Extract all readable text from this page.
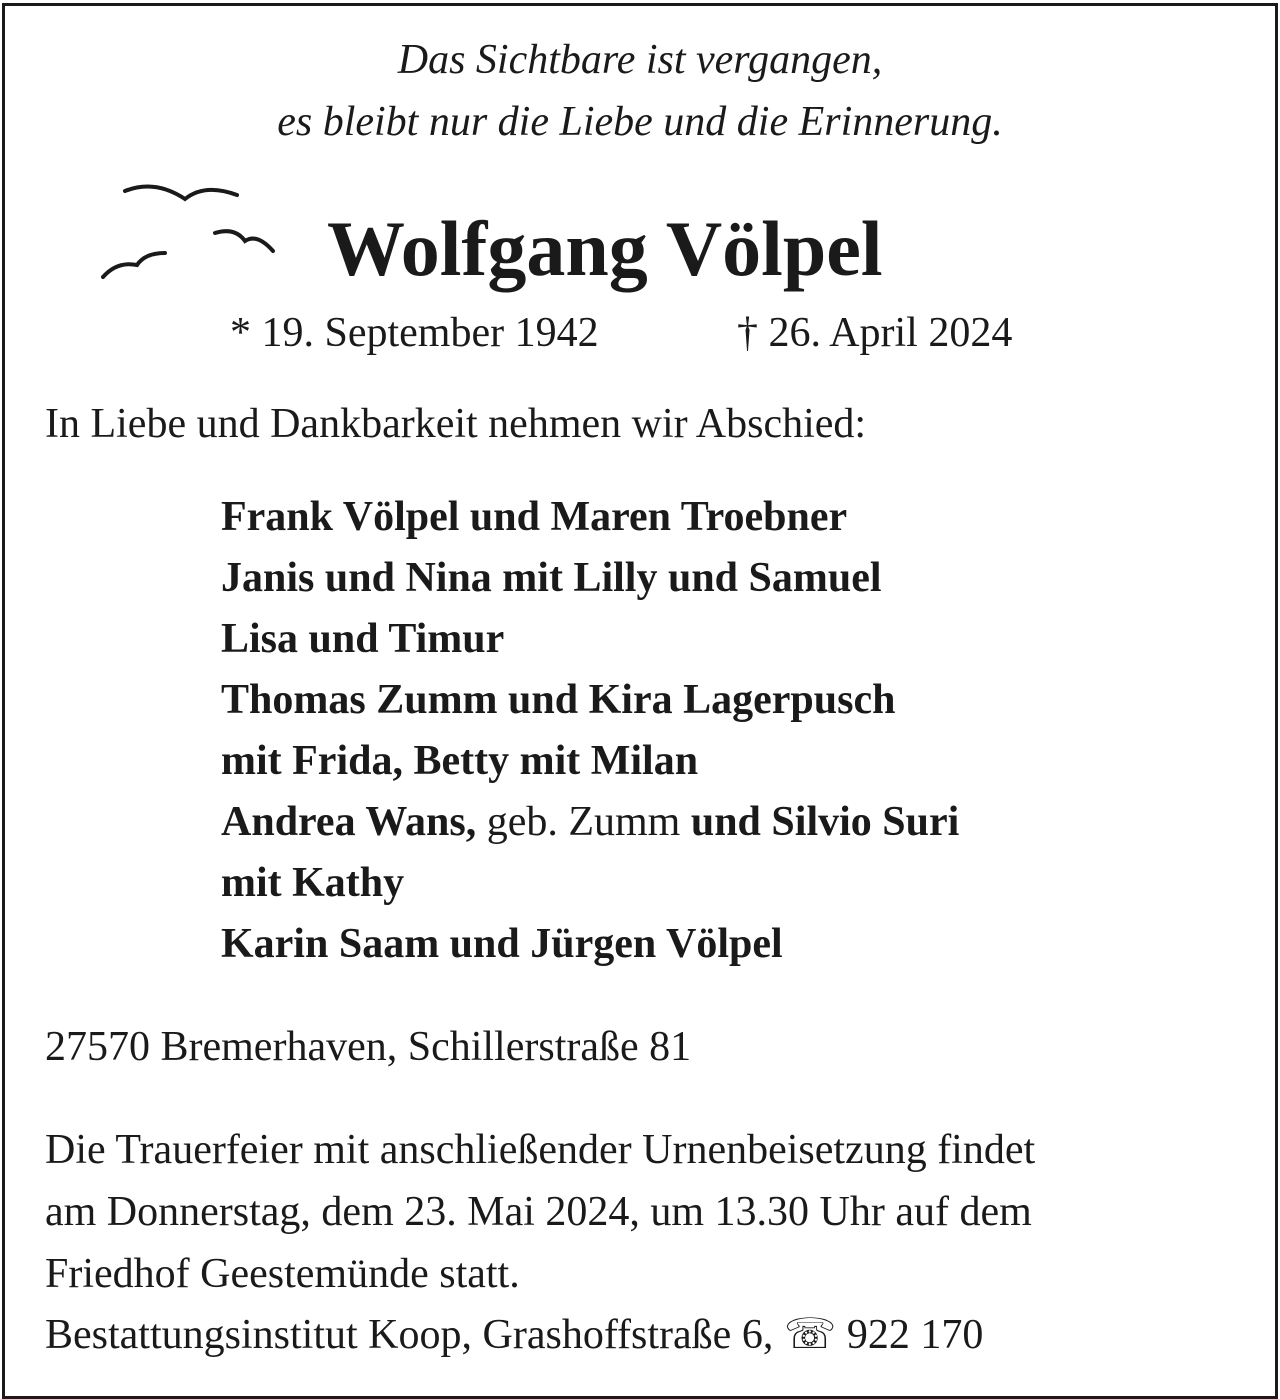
Das Sichtbare ist vergangen,
es bleibt nur die Liebe und die Erinnerung.
Wolfgang Völpel
* 19. September 1942	† 26. April 2024
In Liebe und Dankbarkeit nehmen wir Abschied:
Frank Völpel und Maren Troebner
Janis und Nina mit Lilly und Samuel
Lisa und Timur
Thomas Zumm und Kira Lagerpusch
mit Frida, Betty mit Milan
Andrea Wans, geb. Zumm und Silvio Suri
mit Kathy
Karin Saam und Jürgen Völpel
27570 Bremerhaven, Schillerstraße 81
Die Trauerfeier mit anschließender Urnenbeisetzung findet
am Donnerstag, dem 23. Mai 2024, um 13.30 Uhr auf dem
Friedhof Geestemünde statt.
Bestattungsinstitut Koop, Grashoffstraße 6, ☏ 922 170
